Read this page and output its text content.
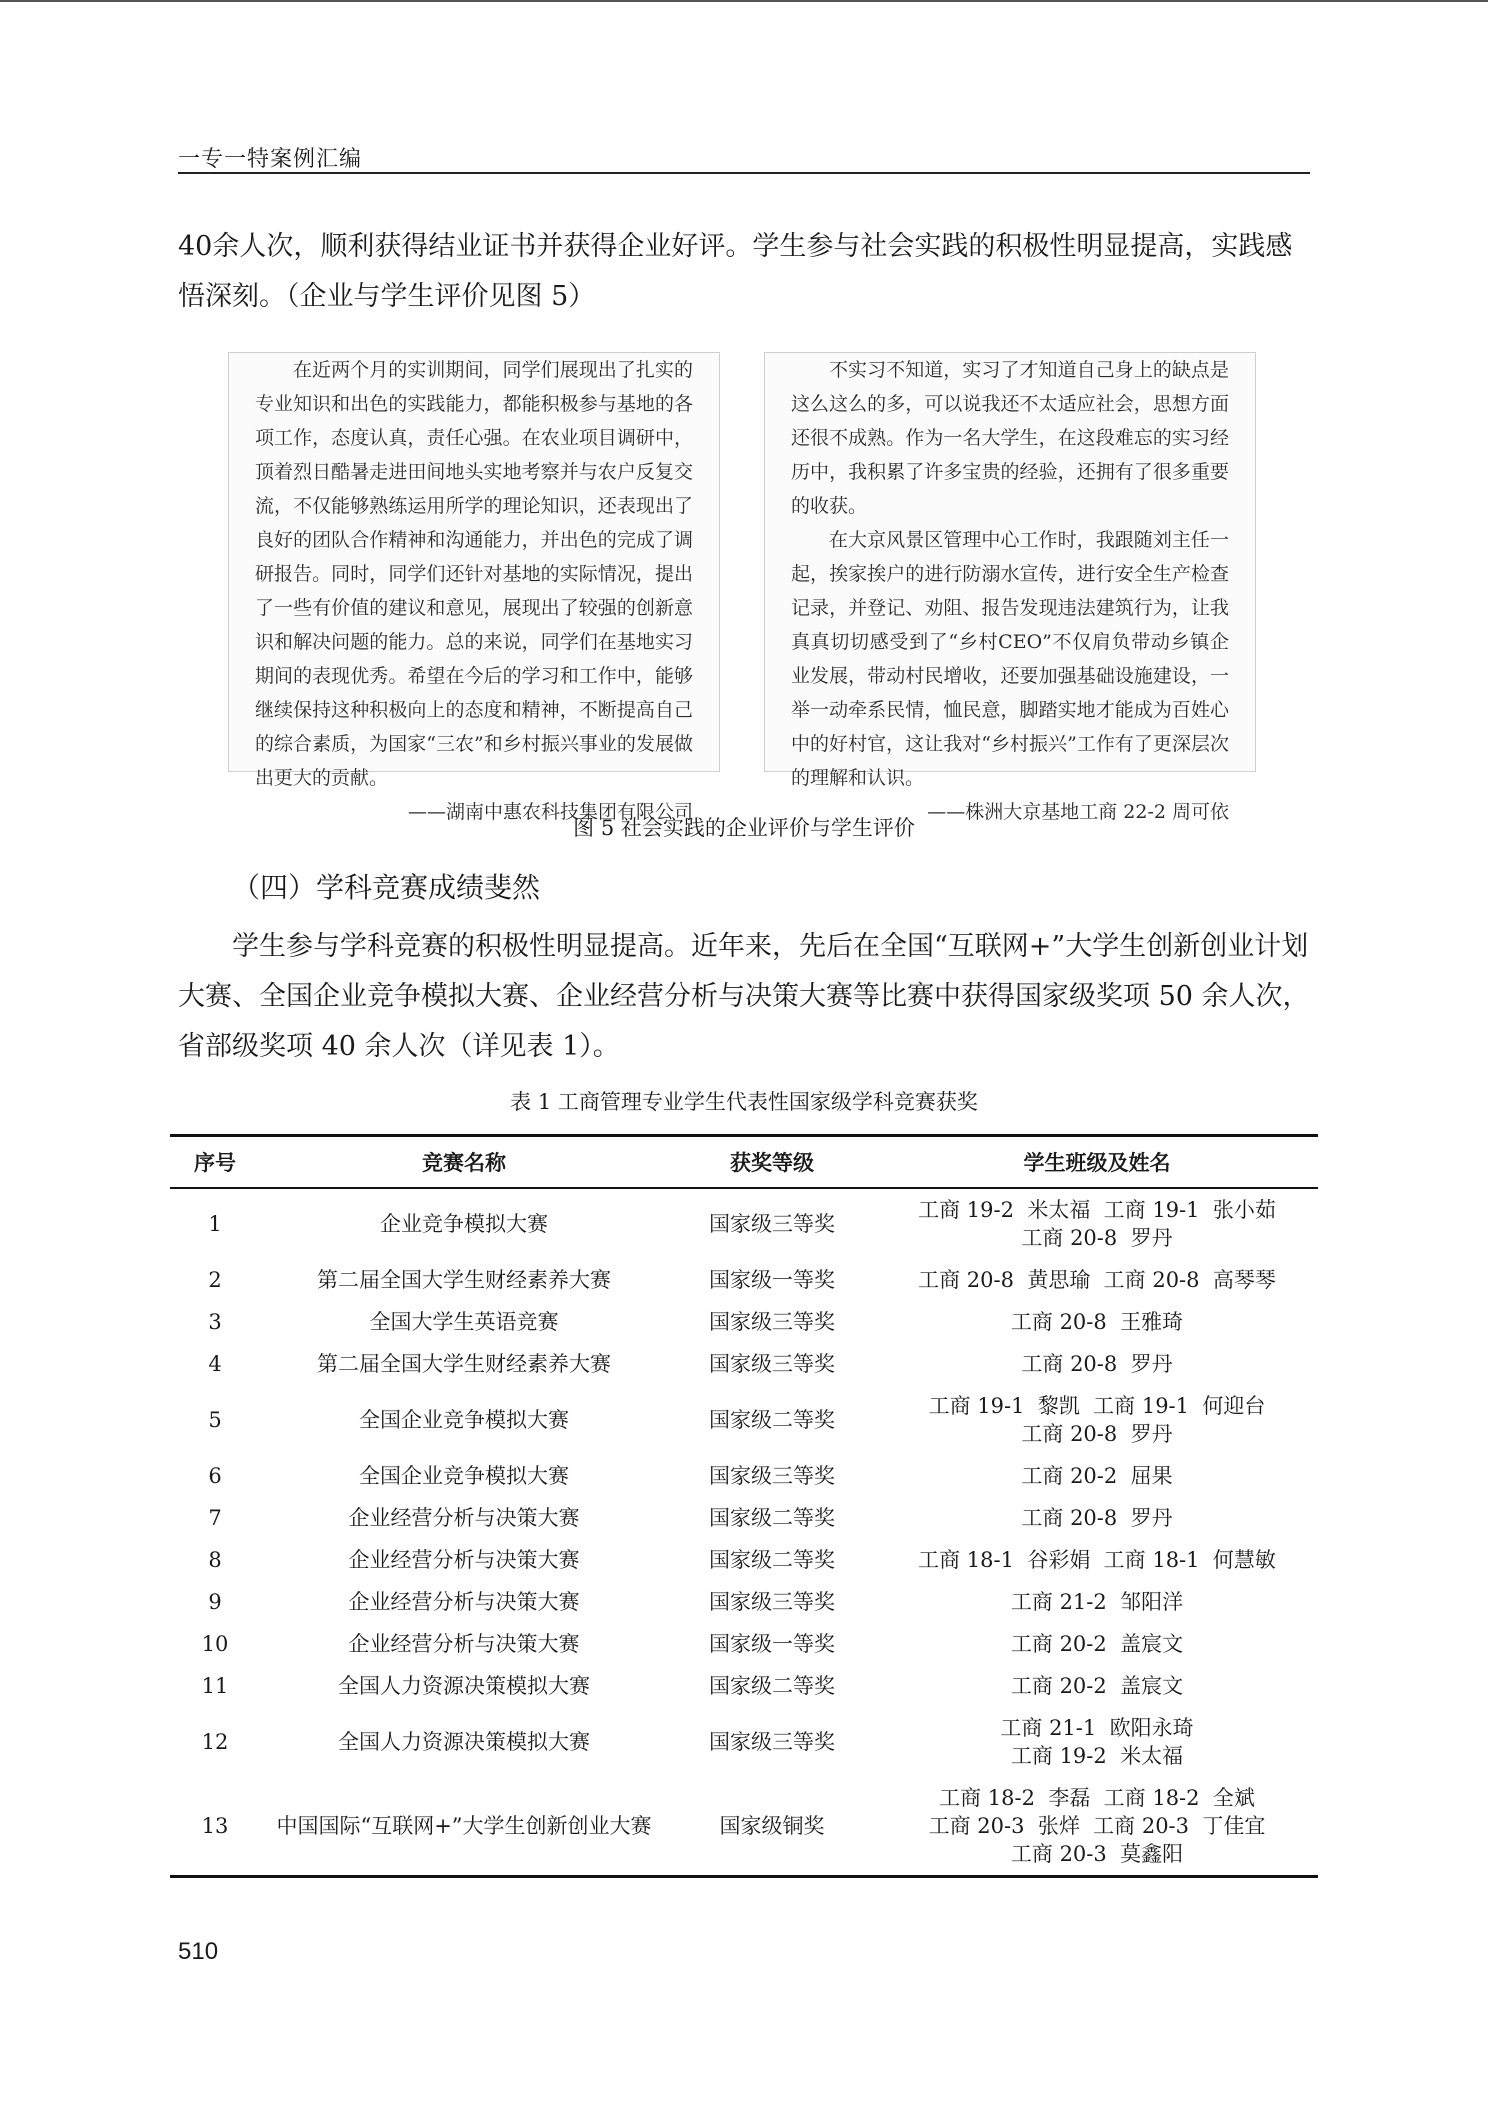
一专一特案例汇编

40余人次，顺利获得结业证书并获得企业好评。学生参与社会实践的积极性明显提高，实践感悟深刻。（企业与学生评价见图 5）

在近两个月的实训期间，同学们展现出了扎实的专业知识和出色的实践能力，都能积极参与基地的各项工作，态度认真，责任心强。在农业项目调研中，顶着烈日酷暑走进田间地头实地考察并与农户反复交流，不仅能够熟练运用所学的理论知识，还表现出了良好的团队合作精神和沟通能力，并出色的完成了调研报告。同时，同学们还针对基地的实际情况，提出了一些有价值的建议和意见，展现出了较强的创新意识和解决问题的能力。总的来说，同学们在基地实习期间的表现优秀。希望在今后的学习和工作中，能够继续保持这种积极向上的态度和精神，不断提高自己的综合素质，为国家“三农”和乡村振兴事业的发展做出更大的贡献。

——湖南中惠农科技集团有限公司

不实习不知道，实习了才知道自己身上的缺点是这么这么的多，可以说我还不太适应社会，思想方面还很不成熟。作为一名大学生，在这段难忘的实习经历中，我积累了许多宝贵的经验，还拥有了很多重要的收获。

在大京风景区管理中心工作时，我跟随刘主任一起，挨家挨户的进行防溺水宣传，进行安全生产检查记录，并登记、劝阻、报告发现违法建筑行为，让我真真切切感受到了“乡村CEO”不仅肩负带动乡镇企业发展，带动村民增收，还要加强基础设施建设，一举一动牵系民情，恤民意，脚踏实地才能成为百姓心中的好村官，这让我对“乡村振兴”工作有了更深层次的理解和认识。

——株洲大京基地工商 22-2 周可依

图 5 社会实践的企业评价与学生评价
（四）学科竞赛成绩斐然

学生参与学科竞赛的积极性明显提高。近年来，先后在全国“互联网+”大学生创新创业计划大赛、全国企业竞争模拟大赛、企业经营分析与决策大赛等比赛中获得国家级奖项 50 余人次，省部级奖项 40 余人次（详见表 1）。

表 1 工商管理专业学生代表性国家级学科竞赛获奖
序号	竞赛名称	获奖等级	学生班级及姓名
1	企业竞争模拟大赛	国家级三等奖	工商 19-2  米太福  工商 19-1  张小茹
工商 20-8  罗丹

2	第二届全国大学生财经素养大赛	国家级一等奖	工商 20-8  黄思瑜  工商 20-8  高琴琴

3	全国大学生英语竞赛	国家级三等奖	工商 20-8  王雅琦

4	第二届全国大学生财经素养大赛	国家级三等奖	工商 20-8  罗丹

5	全国企业竞争模拟大赛	国家级二等奖	工商 19-1  黎凯  工商 19-1  何迎台
工商 20-8  罗丹

6	全国企业竞争模拟大赛	国家级三等奖	工商 20-2  屈果

7	企业经营分析与决策大赛	国家级二等奖	工商 20-8  罗丹

8	企业经营分析与决策大赛	国家级二等奖	工商 18-1  谷彩娟  工商 18-1  何慧敏

9	企业经营分析与决策大赛	国家级三等奖	工商 21-2  邹阳洋

10	企业经营分析与决策大赛	国家级一等奖	工商 20-2  盖宸文

11	全国人力资源决策模拟大赛	国家级二等奖	工商 20-2  盖宸文

12	全国人力资源决策模拟大赛	国家级三等奖	工商 21-1  欧阳永琦
工商 19-2  米太福

13	中国国际“互联网+”大学生创新创业大赛	国家级铜奖	工商 18-2  李磊  工商 18-2  全斌
工商 20-3  张烊  工商 20-3  丁佳宜
工商 20-3  莫鑫阳
510
